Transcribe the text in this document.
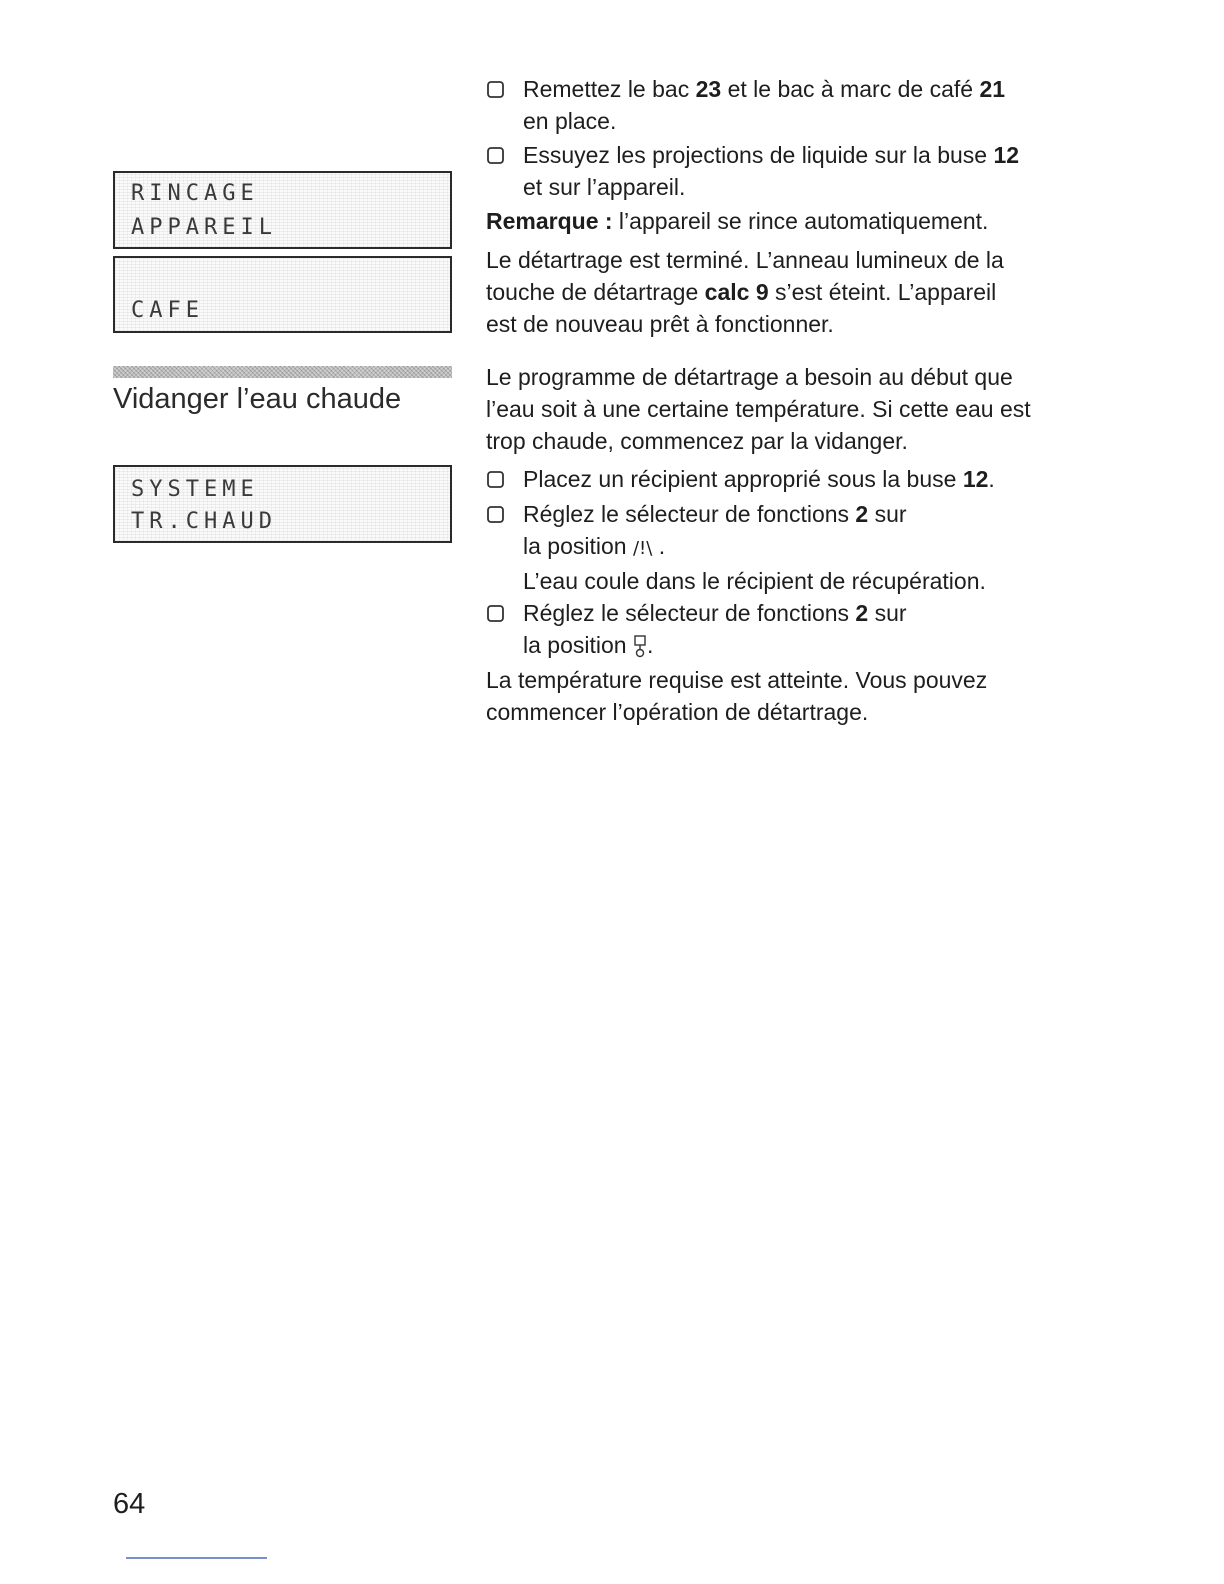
RINCAGE
APPAREIL
CAFE
Vidanger l’eau chaude
SYSTEME
TR.CHAUD
Remettez le bac 23 et le bac à marc de café 21
en place.
Essuyez les projections de liquide sur la buse 12
et sur l’appareil.

Remarque : l’appareil se rince automatiquement.

Le détartrage est terminé. L’anneau lumineux de la
touche de détartrage calc 9 s’est éteint. L’appareil
est de nouveau prêt à fonctionner.
Le programme de détartrage a besoin au début que
l’eau soit à une certaine température. Si cette eau est
trop chaude, commencez par la vidanger.
Placez un récipient approprié sous la buse 12.
Réglez le sélecteur de fonctions 2 sur
la position /!\ .
L’eau coule dans le récipient de récupération.
Réglez le sélecteur de fonctions 2 sur
la position .
La température requise est atteinte. Vous pouvez
commencer l’opération de détartrage.
64
